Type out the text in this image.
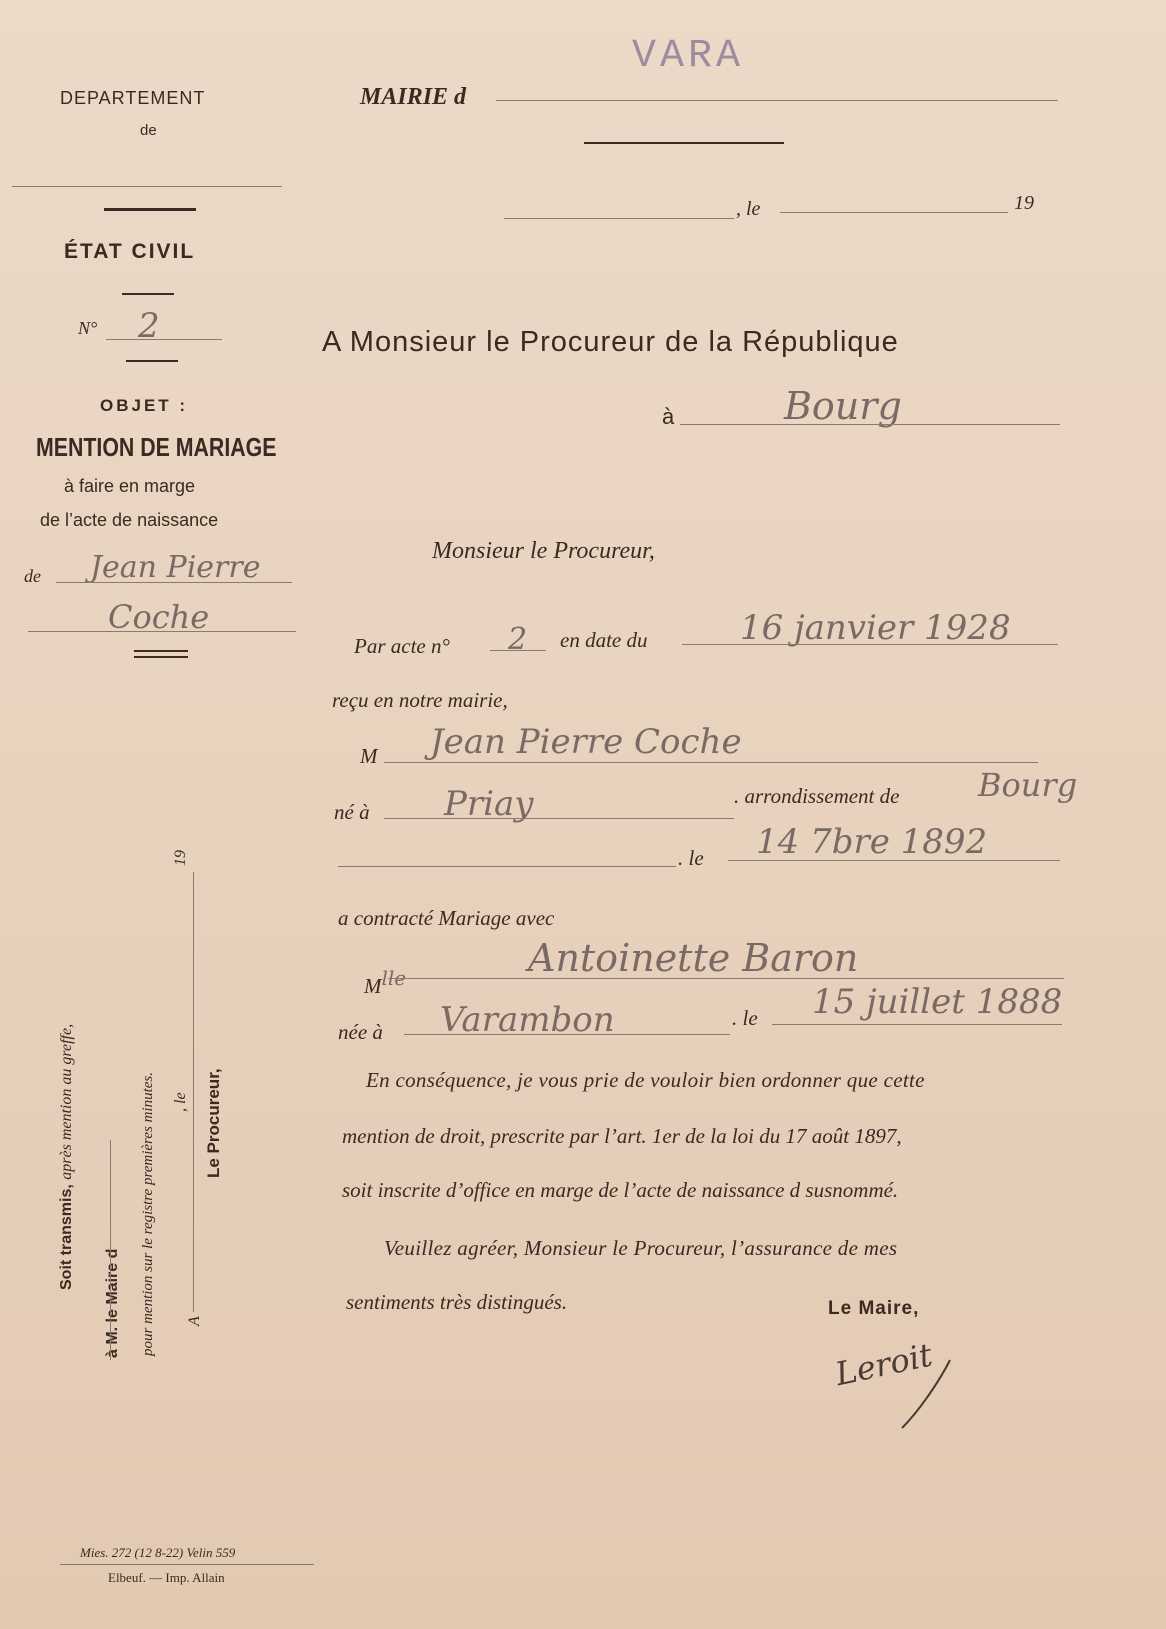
DEPARTEMENT
de
ÉTAT CIVIL
N° 2
OBJET :
MENTION DE MARIAGE
à faire en marge
de l’acte de naissance
de Jean Pierre
Coche
Soit transmis, après mention au greffe,
à M. le Maire d pour mention sur le registre premières minutes. A
, le
19
Le Procureur,
Mies. 272 (12 8-22) Velin 559
Elbeuf. — Imp. Allain
VARA
MAIRIE d
, le	19
A Monsieur le Procureur de la République
à	Bourg
Monsieur le Procureur,
Par acte n° 2 en date du	16 janvier 1928
reçu en notre mairie,
M Jean Pierre Coche
né à Priay	. arrondissement de Bourg
. le 14 7bre 1892
a contracté Mariage avec
$M^{lle}$	Antoinette Baron
née à Varambon	. le 15 juillet 1888
En conséquence, je vous prie de vouloir bien ordonner que cette
mention de droit, prescrite par l’art. 1er de la loi du 17 août 1897,
soit inscrite d’office en marge de l’acte de naissance d susnommé.
Veuillez agréer, Monsieur le Procureur, l’assurance de mes
sentiments très distingués.	Le Maire,
Leroit
